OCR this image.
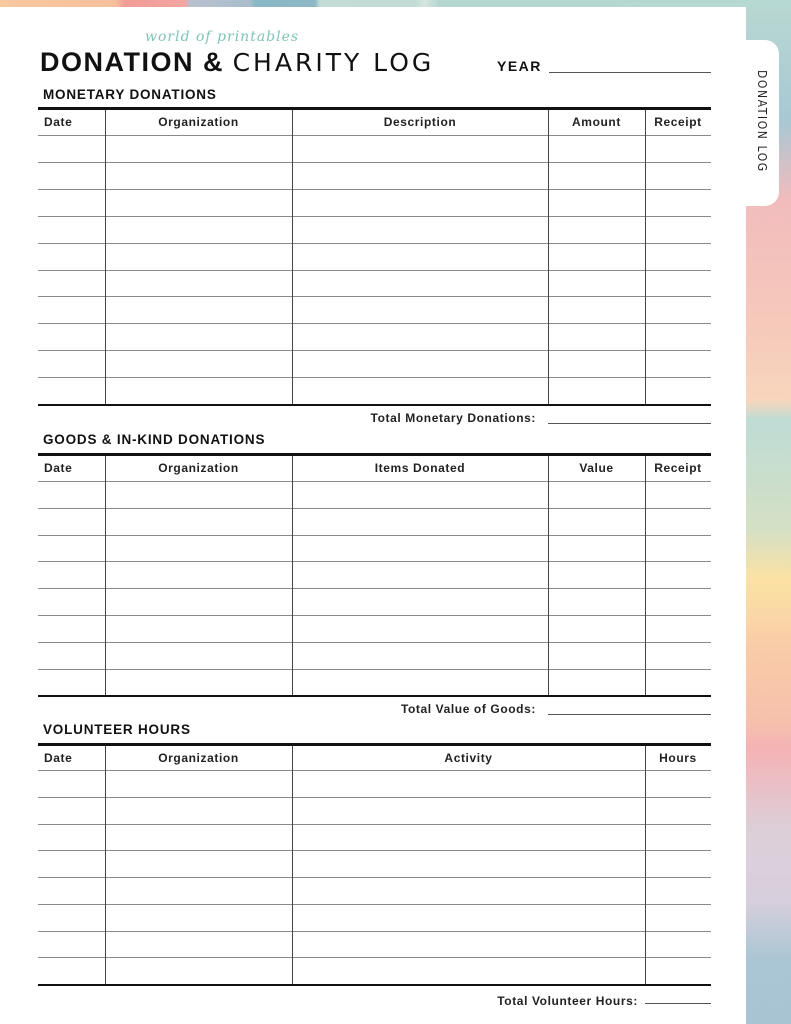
DONATION LOG
world of printables
DONATION & CHARITY LOG	YEAR
MONETARY DONATIONS
Date	Organization	Description	Amount	Receipt
Total Monetary Donations:
GOODS & IN-KIND DONATIONS
Date	Organization	Items Donated	Value	Receipt
Total Value of Goods:
VOLUNTEER HOURS
Date	Organization	Activity	Hours
Total Volunteer Hours:
